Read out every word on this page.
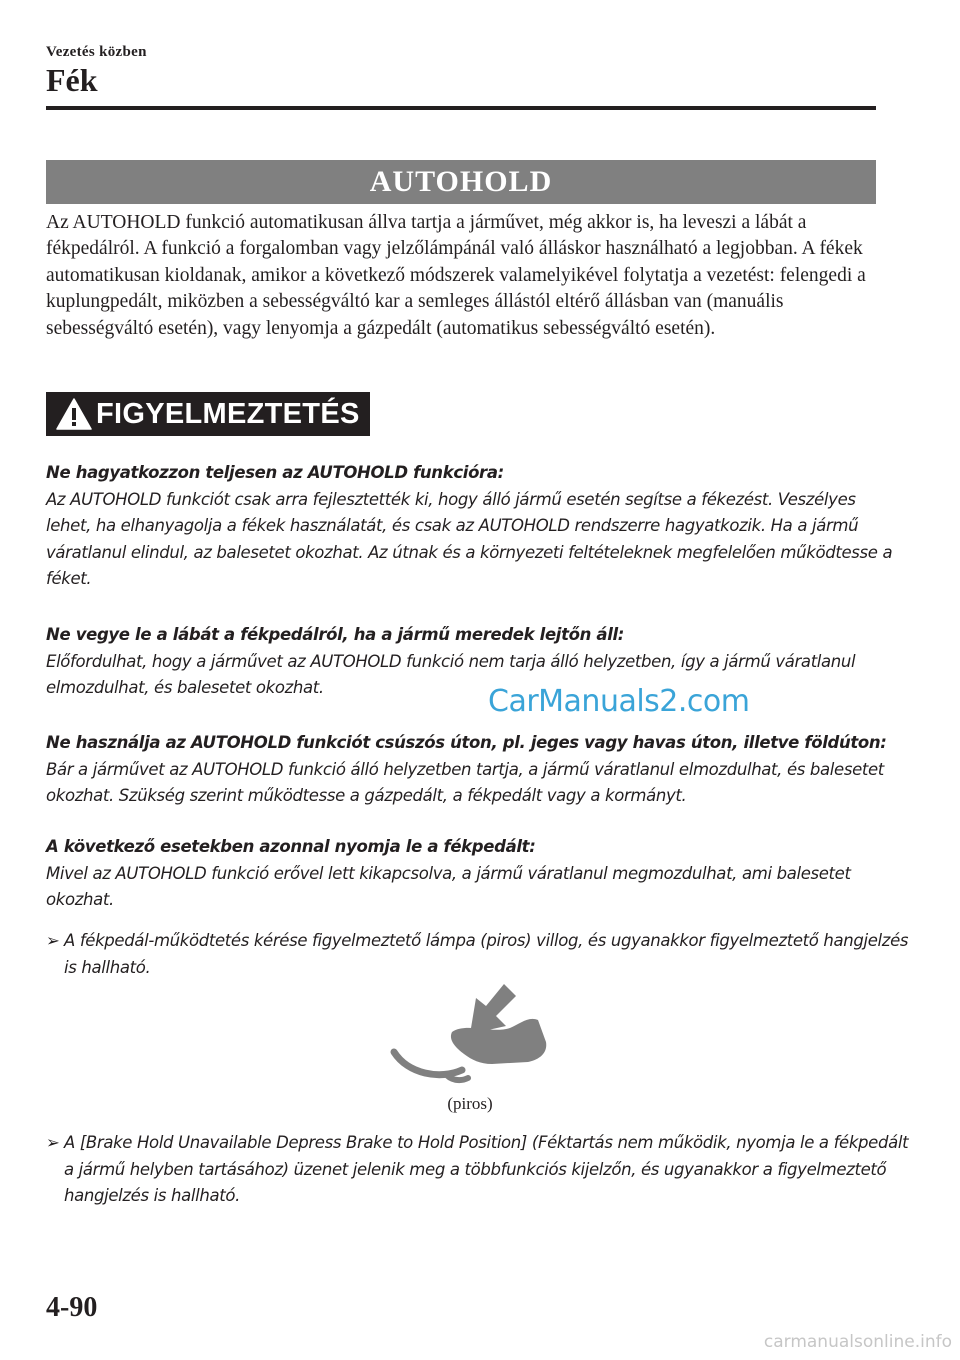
Vezetés közben
Fék
AUTOHOLD

Az AUTOHOLD funkció automatikusan állva tartja a járművet, még akkor is, ha leveszi a lábát a fékpedálról. A funkció a forgalomban vagy jelzőlámpánál való álláskor használható a legjobban. A fékek automatikusan kioldanak, amikor a következő módszerek valamelyikével folytatja a vezetést: felengedi a kuplungpedált, miközben a sebességváltó kar a semleges állástól eltérő állásban van (manuális sebességváltó esetén), vagy lenyomja a gázpedált (automatikus sebességváltó esetén).

FIGYELMEZTETÉS

Ne hagyatkozzon teljesen az AUTOHOLD funkcióra:
Az AUTOHOLD funkciót csak arra fejlesztették ki, hogy álló jármű esetén segítse a fékezést. Veszélyes lehet, ha elhanyagolja a fékek használatát, és csak az AUTOHOLD rendszerre hagyatkozik. Ha a jármű váratlanul elindul, az balesetet okozhat. Az útnak és a környezeti feltételeknek megfelelően működtesse a féket.

Ne vegye le a lábát a fékpedálról, ha a jármű meredek lejtőn áll:
Előfordulhat, hogy a járművet az AUTOHOLD funkció nem tarja álló helyzetben, így a jármű váratlanul elmozdulhat, és balesetet okozhat.

Ne használja az AUTOHOLD funkciót csúszós úton, pl. jeges vagy havas úton, illetve földúton:
Bár a járművet az AUTOHOLD funkció álló helyzetben tartja, a jármű váratlanul elmozdulhat, és balesetet okozhat. Szükség szerint működtesse a gázpedált, a fékpedált vagy a kormányt.

A következő esetekben azonnal nyomja le a fékpedált:
Mivel az AUTOHOLD funkció erővel lett kikapcsolva, a jármű váratlanul megmozdulhat, ami balesetet okozhat.

➢ A fékpedál-működtetés kérése figyelmeztető lámpa (piros) villog, és ugyanakkor figyelmeztető hangjelzés is hallható.

(piros)

➢ A [Brake Hold Unavailable Depress Brake to Hold Position] (Féktartás nem működik, nyomja le a fékpedált a jármű helyben tartásához) üzenet jelenik meg a többfunkciós kijelzőn, és ugyanakkor a figyelmeztető hangjelzés is hallható.

CarManuals2.com
4-90
carmanualsonline.info
